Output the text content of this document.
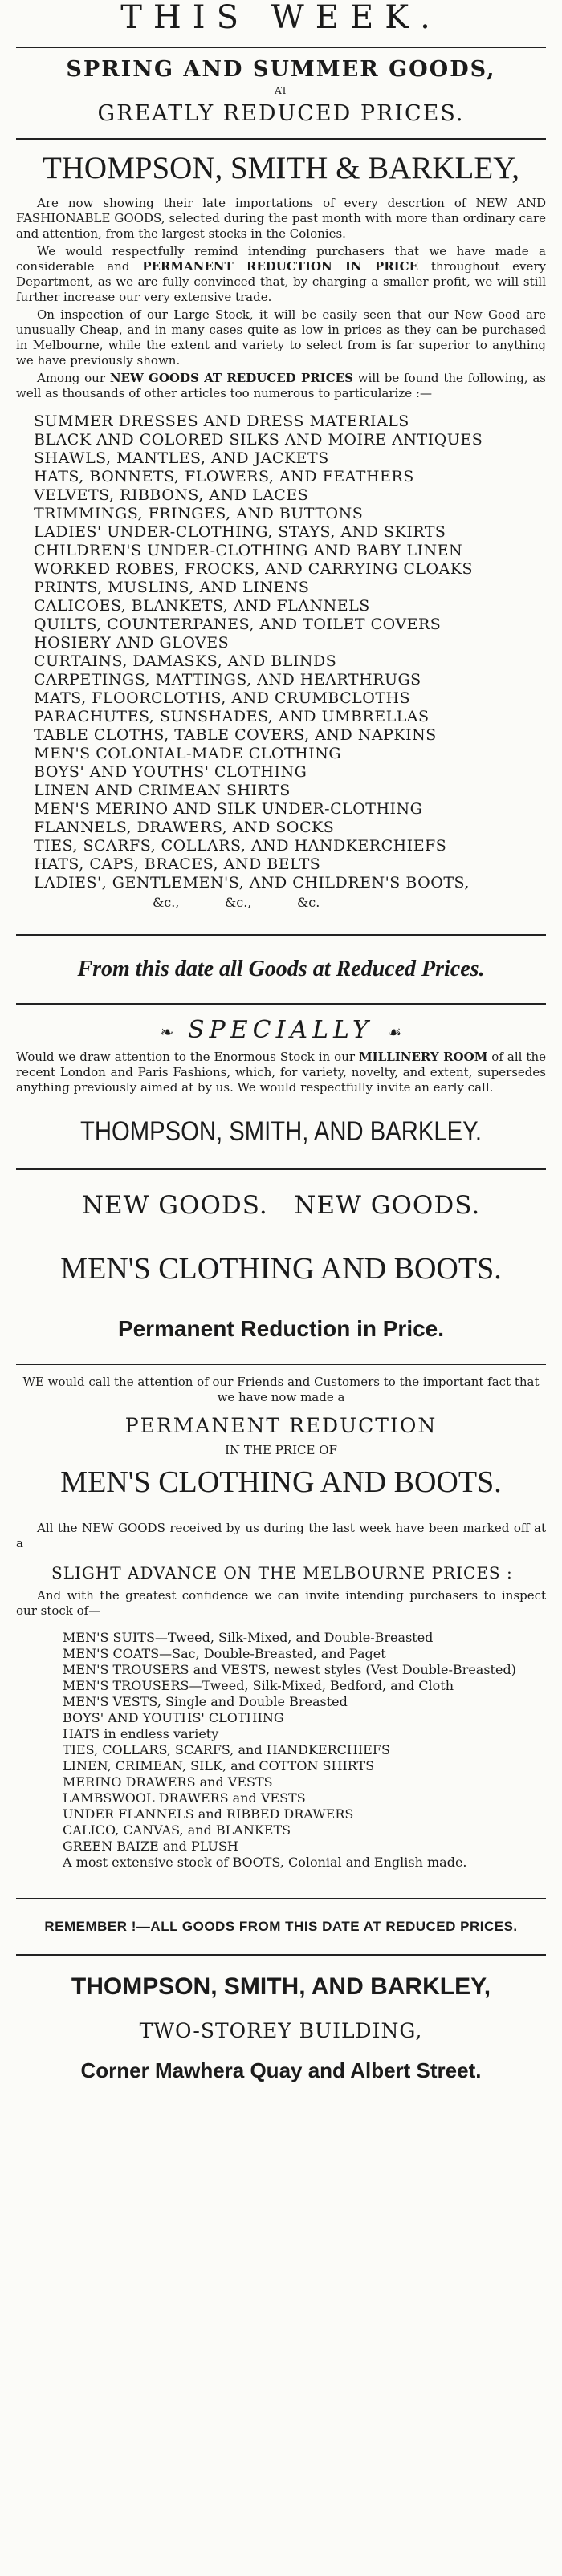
THIS WEEK.
SPRING AND SUMMER GOODS,
AT
GREATLY REDUCED PRICES.
THOMPSON, SMITH & BARKLEY,

Are now showing their late importations of every descrtion of NEW AND FASHIONABLE GOODS, selected during the past month with more than ordinary care and attention, from the largest stocks in the Colonies.

We would respectfully remind intending purchasers that we have made a considerable and PERMANENT REDUCTION IN PRICE throughout every Department, as we are fully convinced that, by charging a smaller profit, we will still further increase our very extensive trade.

On inspection of our Large Stock, it will be easily seen that our New Good are unusually Cheap, and in many cases quite as low in prices as they can be purchased in Melbourne, while the extent and variety to select from is far superior to anything we have previously shown.

Among our NEW GOODS AT REDUCED PRICES will be found the following, as well as thousands of other articles too numerous to particularize :—

SUMMER DRESSES AND DRESS MATERIALS
BLACK AND COLORED SILKS AND MOIRE ANTIQUES
SHAWLS, MANTLES, AND JACKETS
HATS, BONNETS, FLOWERS, AND FEATHERS
VELVETS, RIBBONS, AND LACES
TRIMMINGS, FRINGES, AND BUTTONS
LADIES' UNDER-CLOTHING, STAYS, AND SKIRTS
CHILDREN'S UNDER-CLOTHING AND BABY LINEN
WORKED ROBES, FROCKS, AND CARRYING CLOAKS
PRINTS, MUSLINS, AND LINENS
CALICOES, BLANKETS, AND FLANNELS
QUILTS, COUNTERPANES, AND TOILET COVERS
HOSIERY AND GLOVES
CURTAINS, DAMASKS, AND BLINDS
CARPETINGS, MATTINGS, AND HEARTHRUGS
MATS, FLOORCLOTHS, AND CRUMBCLOTHS
PARACHUTES, SUNSHADES, AND UMBRELLAS
TABLE CLOTHS, TABLE COVERS, AND NAPKINS
MEN'S COLONIAL-MADE CLOTHING
BOYS' AND YOUTHS' CLOTHING
LINEN AND CRIMEAN SHIRTS
MEN'S MERINO AND SILK UNDER-CLOTHING
FLANNELS, DRAWERS, AND SOCKS
TIES, SCARFS, COLLARS, AND HANDKERCHIEFS
HATS, CAPS, BRACES, AND BELTS
LADIES', GENTLEMEN'S, AND CHILDREN'S BOOTS,
&c.,	&c.,	&c.
From this date all Goods at Reduced Prices.
❧ SPECIALLY ☙

Would we draw attention to the Enormous Stock in our MILLINERY ROOM of all the recent London and Paris Fashions, which, for variety, novelty, and extent, supersedes anything previously aimed at by us. We would respectfully invite an early call.

THOMPSON, SMITH, AND BARKLEY.
NEW GOODS.   NEW GOODS.
MEN'S CLOTHING AND BOOTS.
Permanent Reduction in Price.

WE would call the attention of our Friends and Customers to the important fact that we have now made a

PERMANENT REDUCTION
IN THE PRICE OF
MEN'S CLOTHING AND BOOTS.

All the NEW GOODS received by us during the last week have been marked off at a

SLIGHT ADVANCE ON THE MELBOURNE PRICES :

And with the greatest confidence we can invite intending purchasers to inspect our stock of—

MEN'S SUITS—Tweed, Silk-Mixed, and Double-Breasted
MEN'S COATS—Sac, Double-Breasted, and Paget
MEN'S TROUSERS and VESTS, newest styles (Vest Double-Breasted)
MEN'S TROUSERS—Tweed, Silk-Mixed, Bedford, and Cloth
MEN'S VESTS, Single and Double Breasted
BOYS' AND YOUTHS' CLOTHING
HATS in endless variety
TIES, COLLARS, SCARFS, and HANDKERCHIEFS
LINEN, CRIMEAN, SILK, and COTTON SHIRTS
MERINO DRAWERS and VESTS
LAMBSWOOL DRAWERS and VESTS
UNDER FLANNELS and RIBBED DRAWERS
CALICO, CANVAS, and BLANKETS
GREEN BAIZE and PLUSH
A most extensive stock of BOOTS, Colonial and English made.
REMEMBER !—ALL GOODS FROM THIS DATE AT REDUCED PRICES.
THOMPSON, SMITH, AND BARKLEY,
TWO-STOREY BUILDING,
Corner Mawhera Quay and Albert Street.
